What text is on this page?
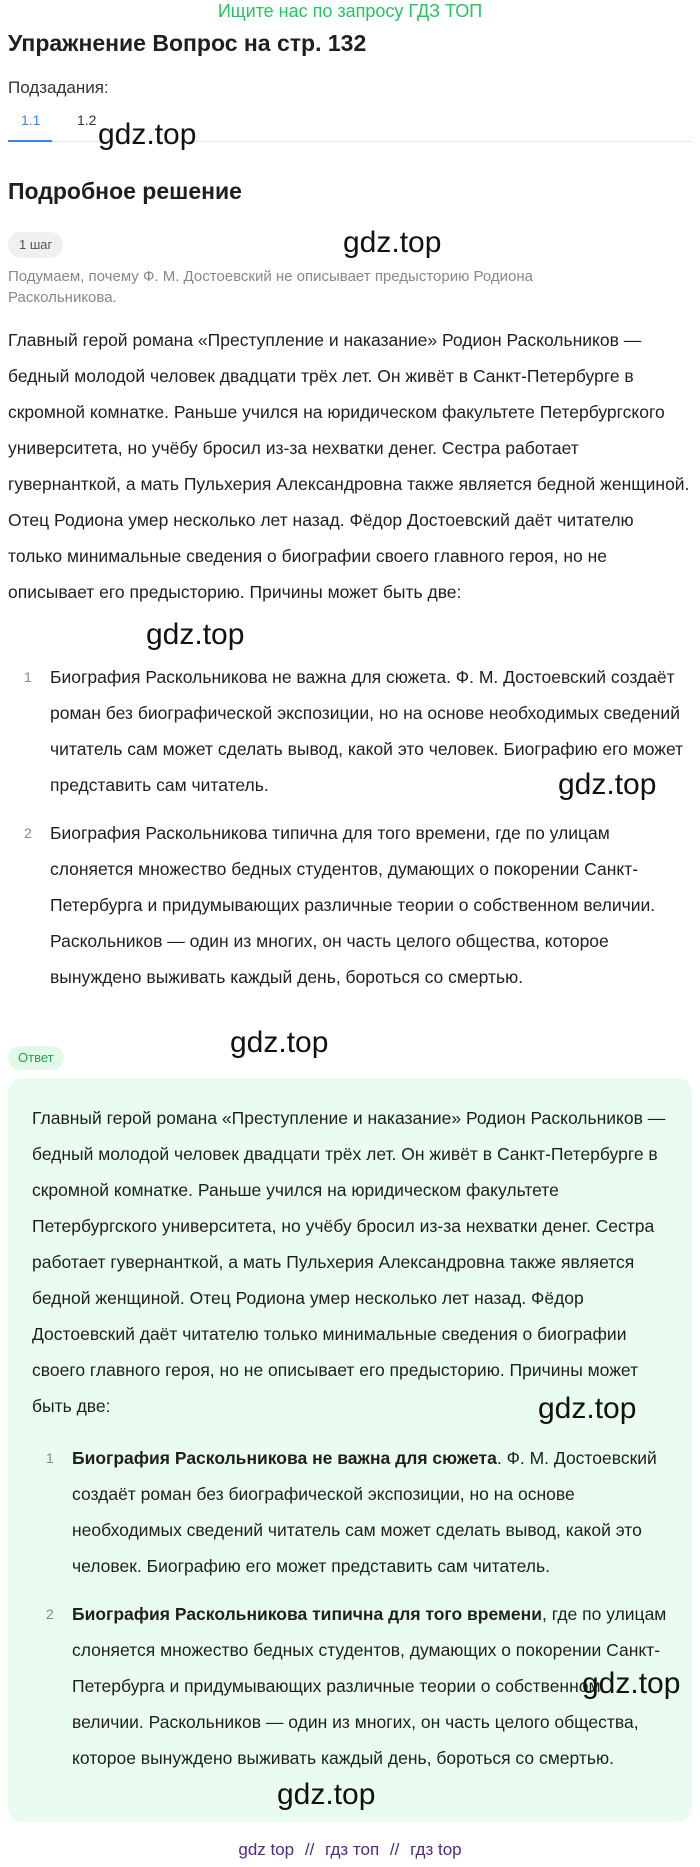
Ищите нас по запросу ГДЗ ТОП
Упражнение Вопрос на стр. 132
Подзадания:
1.1	1.2 gdz.top
Подробное решение
1 шаг	gdz.top

Подумаем, почему Ф. М. Достоевский не описывает предысторию Родиона Раскольникова.

Главный герой романа «Преступление и наказание» Родион Раскольников — бедный молодой человек двадцати трёх лет. Он живёт в Санкт-Петербурге в скромной комнатке. Раньше учился на юридическом факультете Петербургского университета, но учёбу бросил из-за нехватки денег. Сестра работает гувернанткой, а мать Пульхерия Александровна также является бедной женщиной. Отец Родиона умер несколько лет назад. Фёдор Достоевский даёт читателю только минимальные сведения о биографии своего главного героя, но не описывает его предысторию. Причины может быть две:

gdz.top
1 Биография Раскольникова не важна для сюжета. Ф. М. Достоевский создаёт роман без биографической экспозиции, но на основе необходимых сведений читатель сам может сделать вывод, какой это человек. Биографию его может представить сам читатель.
2 Биография Раскольникова типична для того времени, где по улицам слоняется множество бедных студентов, думающих о покорении Санкт-Петербурга и придумывающих различные теории о собственном величии. Раскольников — один из многих, он часть целого общества, которое вынуждено выживать каждый день, бороться со смертью.
gdz.top
Ответ	gdz.top

Главный герой романа «Преступление и наказание» Родион Раскольников — бедный молодой человек двадцати трёх лет. Он живёт в Санкт-Петербурге в скромной комнатке. Раньше учился на юридическом факультете Петербургского университета, но учёбу бросил из-за нехватки денег. Сестра работает гувернанткой, а мать Пульхерия Александровна также является бедной женщиной. Отец Родиона умер несколько лет назад. Фёдор Достоевский даёт читателю только минимальные сведения о биографии своего главного героя, но не описывает его предысторию. Причины может быть две:	gdz.top
1 Биография Раскольникова не важна для сюжета. Ф. М. Достоевский создаёт роман без биографической экспозиции, но на основе необходимых сведений читатель сам может сделать вывод, какой это человек. Биографию его может представить сам читатель.
2 Биография Раскольникова типична для того времени, где по улицам слоняется множество бедных студентов, думающих о покорении Санкт-Петербурга и придумывающих различные теории о собственном величии. Раскольников — один из многих, он часть целого общества, которое вынуждено выживать каждый день, бороться со смертью.
gdz.top
gdz.top
gdz top // гдз топ // гдз top
